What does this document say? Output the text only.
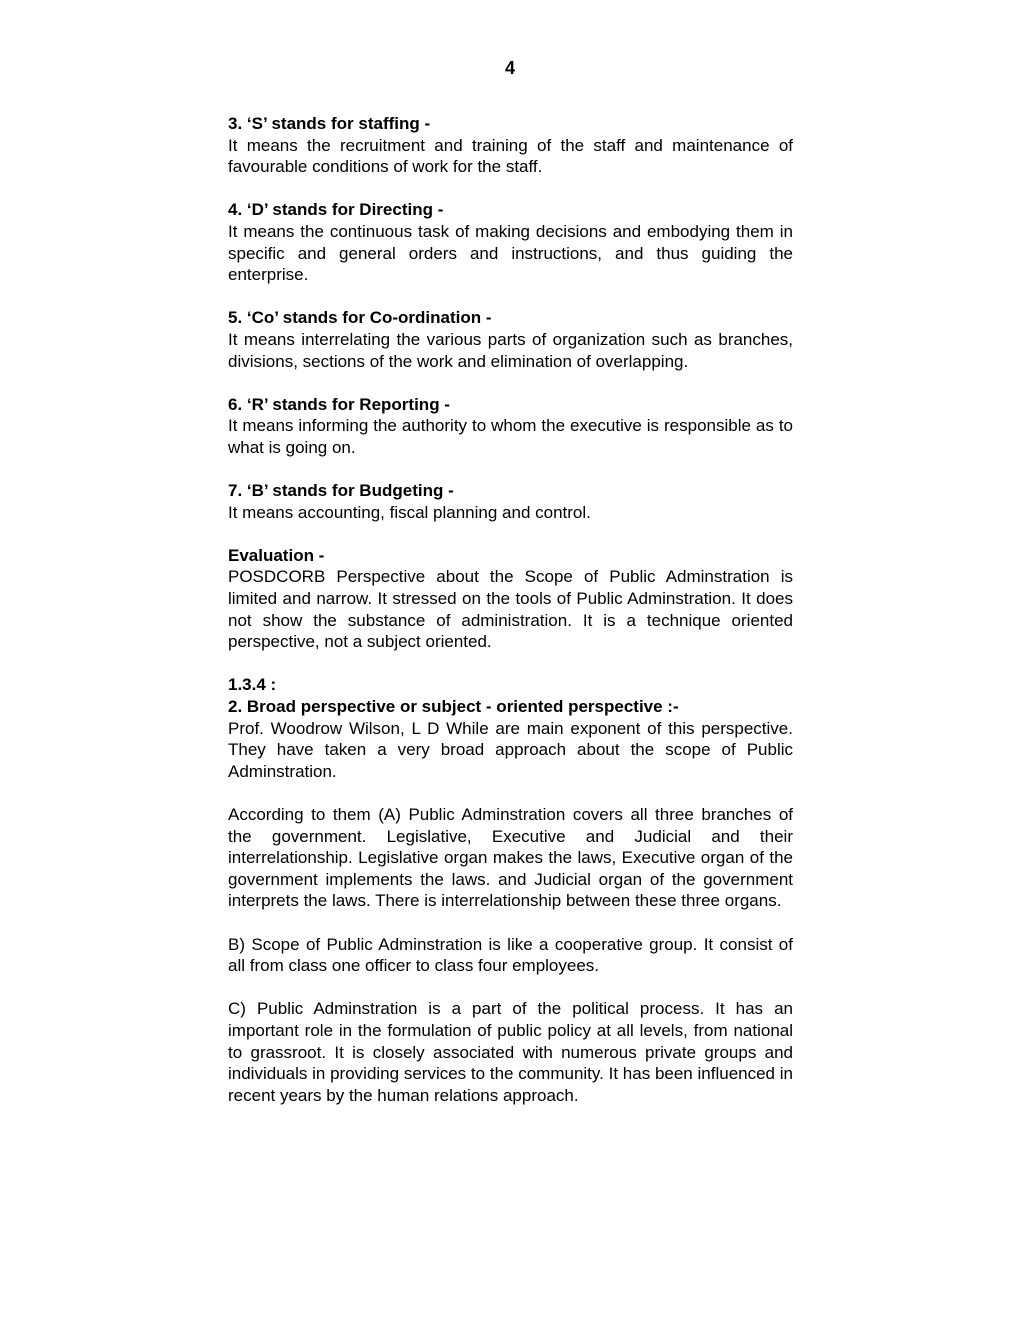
4
3. ‘S’ stands for staffing -
It means the recruitment and training of the staff and maintenance of favourable conditions of work for the staff.
4. ‘D’ stands for Directing -
It means the continuous task of making decisions and embodying them in specific and general orders and instructions, and thus guiding the enterprise.
5. ‘Co’ stands for Co-ordination -
It means interrelating the various parts of organization such as branches, divisions, sections of the work and elimination of overlapping.
6. ‘R’ stands for Reporting -
It means informing the authority to whom the executive is responsible as to what is going on.
7. ‘B’ stands for Budgeting -
It means accounting, fiscal planning and control.
Evaluation -
POSDCORB Perspective about the Scope of Public Adminstration is limited and narrow. It stressed on the tools of Public Adminstration. It does not show the substance of administration. It is a technique oriented perspective, not a subject oriented.
1.3.4 :
2. Broad perspective or subject - oriented perspective :-
Prof. Woodrow Wilson, L D While are main exponent of this perspective. They have taken a very broad approach about the scope of Public Adminstration.
According to them (A) Public Adminstration covers all three branches of the government. Legislative, Executive and Judicial and their interrelationship. Legislative organ makes the laws, Executive organ of the government implements the laws. and Judicial organ of the government interprets the laws. There is interrelationship between these three organs.
B) Scope of Public Adminstration is like a cooperative group. It consist of all from class one officer to class four employees.
C) Public Adminstration is a part of the political process. It has an important role in the formulation of public policy at all levels, from national to grassroot. It is closely associated with numerous private groups and individuals in providing services to the community. It has been influenced in recent years by the human relations approach.
